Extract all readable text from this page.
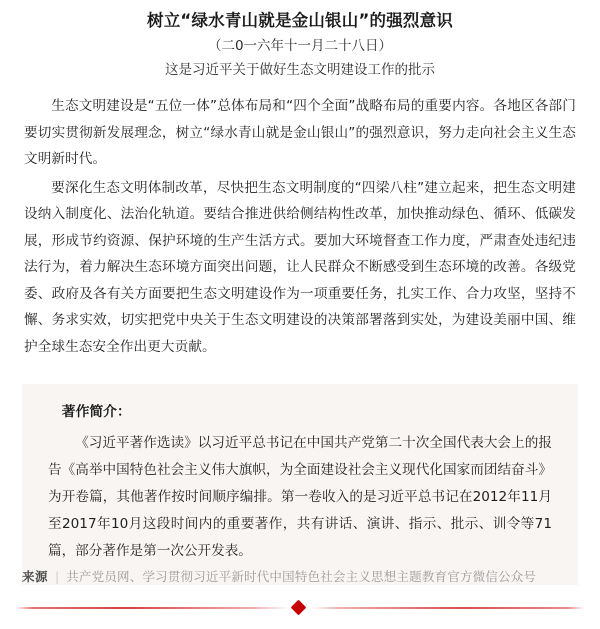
树立“绿水青山就是金山银山”的强烈意识

（二0一六年十一月二十八日）

这是习近平关于做好生态文明建设工作的批示

生态文明建设是“五位一体”总体布局和“四个全面”战略布局的重要内容。各地区各部门要切实贯彻新发展理念，树立“绿水青山就是金山银山”的强烈意识，努力走向社会主义生态文明新时代。

要深化生态文明体制改革，尽快把生态文明制度的“四梁八柱”建立起来，把生态文明建设纳入制度化、法治化轨道。要结合推进供给侧结构性改革，加快推动绿色、循环、低碳发展，形成节约资源、保护环境的生产生活方式。要加大环境督查工作力度，严肃查处违纪违法行为，着力解决生态环境方面突出问题，让人民群众不断感受到生态环境的改善。各级党委、政府及各有关方面要把生态文明建设作为一项重要任务，扎实工作、合力攻坚，坚持不懈、务求实效，切实把党中央关于生态文明建设的决策部署落到实处，为建设美丽中国、维护全球生态安全作出更大贡献。

著作简介：

《习近平著作选读》以习近平总书记在中国共产党第二十次全国代表大会上的报告《高举中国特色社会主义伟大旗帜，为全面建设社会主义现代化国家而团结奋斗》为开卷篇，其他著作按时间顺序编排。第一卷收入的是习近平总书记在2012年11月至2017年10月这段时间内的重要著作，共有讲话、演讲、指示、批示、训令等71篇，部分著作是第一次公开发表。

来源 | 共产党员网、学习贯彻习近平新时代中国特色社会主义思想主题教育官方微信公众号
